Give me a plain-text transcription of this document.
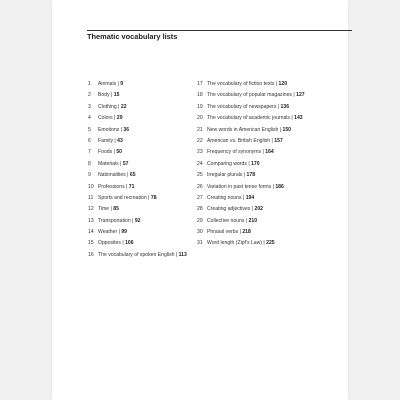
Thematic vocabulary lists
1	Animals | 9
2	Body | 15
3	Clothing | 22
4	Colors | 29
5	Emotions | 36
6	Family | 43
7	Foods | 50
8	Materials | 57
9	Nationalities | 65
10 Professions | 71
11 Sports and recreation | 78
12 Time | 85
13 Transportation | 92
14 Weather | 99
15 Opposites | 106
16 The vocabulary of spoken English | 113
17 The vocabulary of fiction texts | 120
18 The vocabulary of popular magazines | 127
19 The vocabulary of newspapers | 136
20 The vocabulary of academic journals | 143
21 New words in American English | 150
22 American vs. British English | 157
23 Frequency of synonyms | 164
24 Comparing words | 170
25 Irregular plurals | 178
26 Variation in past tense forms | 186
27 Creating nouns | 194
28 Creating adjectives | 202
29 Collective nouns | 210
30 Phrasal verbs | 218
31 Word length (Zipf's Law) | 225
